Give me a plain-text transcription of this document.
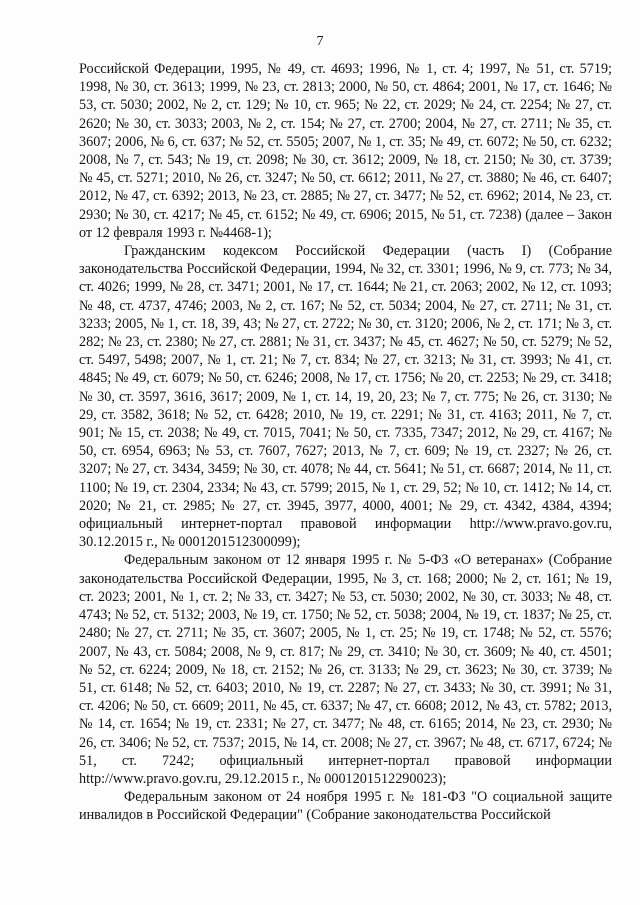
7

Российской Федерации, 1995, № 49, ст. 4693; 1996, № 1, ст. 4; 1997, № 51, ст. 5719; 1998, № 30, ст. 3613; 1999, № 23, ст. 2813; 2000, № 50, ст. 4864; 2001, № 17, ст. 1646; № 53, ст. 5030; 2002, № 2, ст. 129; № 10, ст. 965; № 22, ст. 2029; № 24, ст. 2254; № 27, ст. 2620; № 30, ст. 3033; 2003, № 2, ст. 154; № 27, ст. 2700; 2004, № 27, ст. 2711; № 35, ст. 3607; 2006, № 6, ст. 637; № 52, ст. 5505; 2007, № 1, ст. 35; № 49, ст. 6072; № 50, ст. 6232; 2008, № 7, ст. 543; № 19, ст. 2098; № 30, ст. 3612; 2009, № 18, ст. 2150; № 30, ст. 3739; № 45, ст. 5271; 2010, № 26, ст. 3247; № 50, ст. 6612; 2011, № 27, ст. 3880; № 46, ст. 6407; 2012, № 47, ст. 6392; 2013, № 23, ст. 2885; № 27, ст. 3477; № 52, ст. 6962; 2014, № 23, ст. 2930; № 30, ст. 4217; № 45, ст. 6152; № 49, ст. 6906; 2015, № 51, ст. 7238) (далее – Закон от 12 февраля 1993 г. №4468-1);

Гражданским кодексом Российской Федерации (часть I) (Собрание законодательства Российской Федерации, 1994, № 32, ст. 3301; 1996, № 9, ст. 773; № 34, ст. 4026; 1999, № 28, ст. 3471; 2001, № 17, ст. 1644; № 21, ст. 2063; 2002, № 12, ст. 1093; № 48, ст. 4737, 4746; 2003, № 2, ст. 167; № 52, ст. 5034; 2004, № 27, ст. 2711; № 31, ст. 3233; 2005, № 1, ст. 18, 39, 43; № 27, ст. 2722; № 30, ст. 3120; 2006, № 2, ст. 171; № 3, ст. 282; № 23, ст. 2380; № 27, ст. 2881; № 31, ст. 3437; № 45, ст. 4627; № 50, ст. 5279; № 52, ст. 5497, 5498; 2007, № 1, ст. 21; № 7, ст. 834; № 27, ст. 3213; № 31, ст. 3993; № 41, ст. 4845; № 49, ст. 6079; № 50, ст. 6246; 2008, № 17, ст. 1756; № 20, ст. 2253; № 29, ст. 3418; № 30, ст. 3597, 3616, 3617; 2009, № 1, ст. 14, 19, 20, 23; № 7, ст. 775; № 26, ст. 3130; № 29, ст. 3582, 3618; № 52, ст. 6428; 2010, № 19, ст. 2291; № 31, ст. 4163; 2011, № 7, ст. 901; № 15, ст. 2038; № 49, ст. 7015, 7041; № 50, ст. 7335, 7347; 2012, № 29, ст. 4167; № 50, ст. 6954, 6963; № 53, ст. 7607, 7627; 2013, № 7, ст. 609; № 19, ст. 2327; № 26, ст. 3207; № 27, ст. 3434, 3459; № 30, ст. 4078; № 44, ст. 5641; № 51, ст. 6687; 2014, № 11, ст. 1100; № 19, ст. 2304, 2334; № 43, ст. 5799; 2015, № 1, ст. 29, 52; № 10, ст. 1412; № 14, ст. 2020; № 21, ст. 2985; № 27, ст. 3945, 3977, 4000, 4001; № 29, ст. 4342, 4384, 4394; официальный интернет-портал правовой информации http://www.pravo.gov.ru, 30.12.2015 г., № 0001201512300099);

Федеральным законом от 12 января 1995 г. № 5-ФЗ «О ветеранах» (Собрание законодательства Российской Федерации, 1995, № 3, ст. 168; 2000; № 2, ст. 161; № 19, ст. 2023; 2001, № 1, ст. 2; № 33, ст. 3427; № 53, ст. 5030; 2002, № 30, ст. 3033; № 48, ст. 4743; № 52, ст. 5132; 2003, № 19, ст. 1750; № 52, ст. 5038; 2004, № 19, ст. 1837; № 25, ст. 2480; № 27, ст. 2711; № 35, ст. 3607; 2005, № 1, ст. 25; № 19, ст. 1748; № 52, ст. 5576; 2007, № 43, ст. 5084; 2008, № 9, ст. 817; № 29, ст. 3410; № 30, ст. 3609; № 40, ст. 4501; № 52, ст. 6224; 2009, № 18, ст. 2152; № 26, ст. 3133; № 29, ст. 3623; № 30, ст. 3739; № 51, ст. 6148; № 52, ст. 6403; 2010, № 19, ст. 2287; № 27, ст. 3433; № 30, ст. 3991; № 31, ст. 4206; № 50, ст. 6609; 2011, № 45, ст. 6337; № 47, ст. 6608; 2012, № 43, ст. 5782; 2013, № 14, ст. 1654; № 19, ст. 2331; № 27, ст. 3477; № 48, ст. 6165; 2014, № 23, ст. 2930; № 26, ст. 3406; № 52, ст. 7537; 2015, № 14, ст. 2008; № 27, ст. 3967; № 48, ст. 6717, 6724; № 51, ст. 7242; официальный интернет-портал правовой информации http://www.pravo.gov.ru, 29.12.2015 г., № 0001201512290023);

Федеральным законом от 24 ноября 1995 г. № 181-ФЗ "О социальной защите инвалидов в Российской Федерации" (Собрание законодательства Российской
